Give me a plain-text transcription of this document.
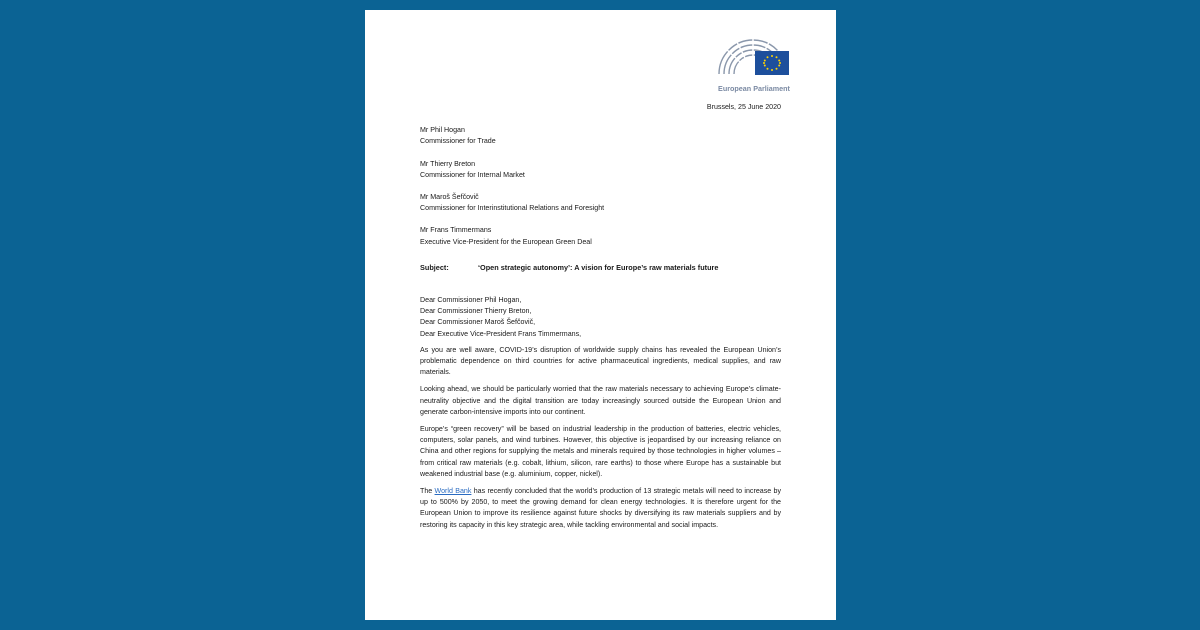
European Parliament
Brussels, 25 June 2020
Mr Phil Hogan
Commissioner for Trade
Mr Thierry Breton
Commissioner for Internal Market
Mr Maroš Šefčovič
Commissioner for Interinstitutional Relations and Foresight
Mr Frans Timmermans
Executive Vice-President for the European Green Deal
Subject:	‘Open strategic autonomy’: A vision for Europe’s raw materials future
Dear Commissioner Phil Hogan,
Dear Commissioner Thierry Breton,
Dear Commissioner Maroš Šefčovič,
Dear Executive Vice-President Frans Timmermans,

As you are well aware, COVID-19’s disruption of worldwide supply chains has revealed the European Union’s problematic dependence on third countries for active pharmaceutical ingredients, medical supplies, and raw materials.

Looking ahead, we should be particularly worried that the raw materials necessary to achieving Europe’s climate-neutrality objective and the digital transition are today increasingly sourced outside the European Union and generate carbon-intensive imports into our continent.

Europe’s “green recovery” will be based on industrial leadership in the production of batteries, electric vehicles, computers, solar panels, and wind turbines. However, this objective is jeopardised by our increasing reliance on China and other regions for supplying the metals and minerals required by those technologies in higher volumes – from critical raw materials (e.g. cobalt, lithium, silicon, rare earths) to those where Europe has a sustainable but weakened industrial base (e.g. aluminium, copper, nickel).

The World Bank has recently concluded that the world’s production of 13 strategic metals will need to increase by up to 500% by 2050, to meet the growing demand for clean energy technologies. It is therefore urgent for the European Union to improve its resilience against future shocks by diversifying its raw materials suppliers and by restoring its capacity in this key strategic area, while tackling environmental and social impacts.
